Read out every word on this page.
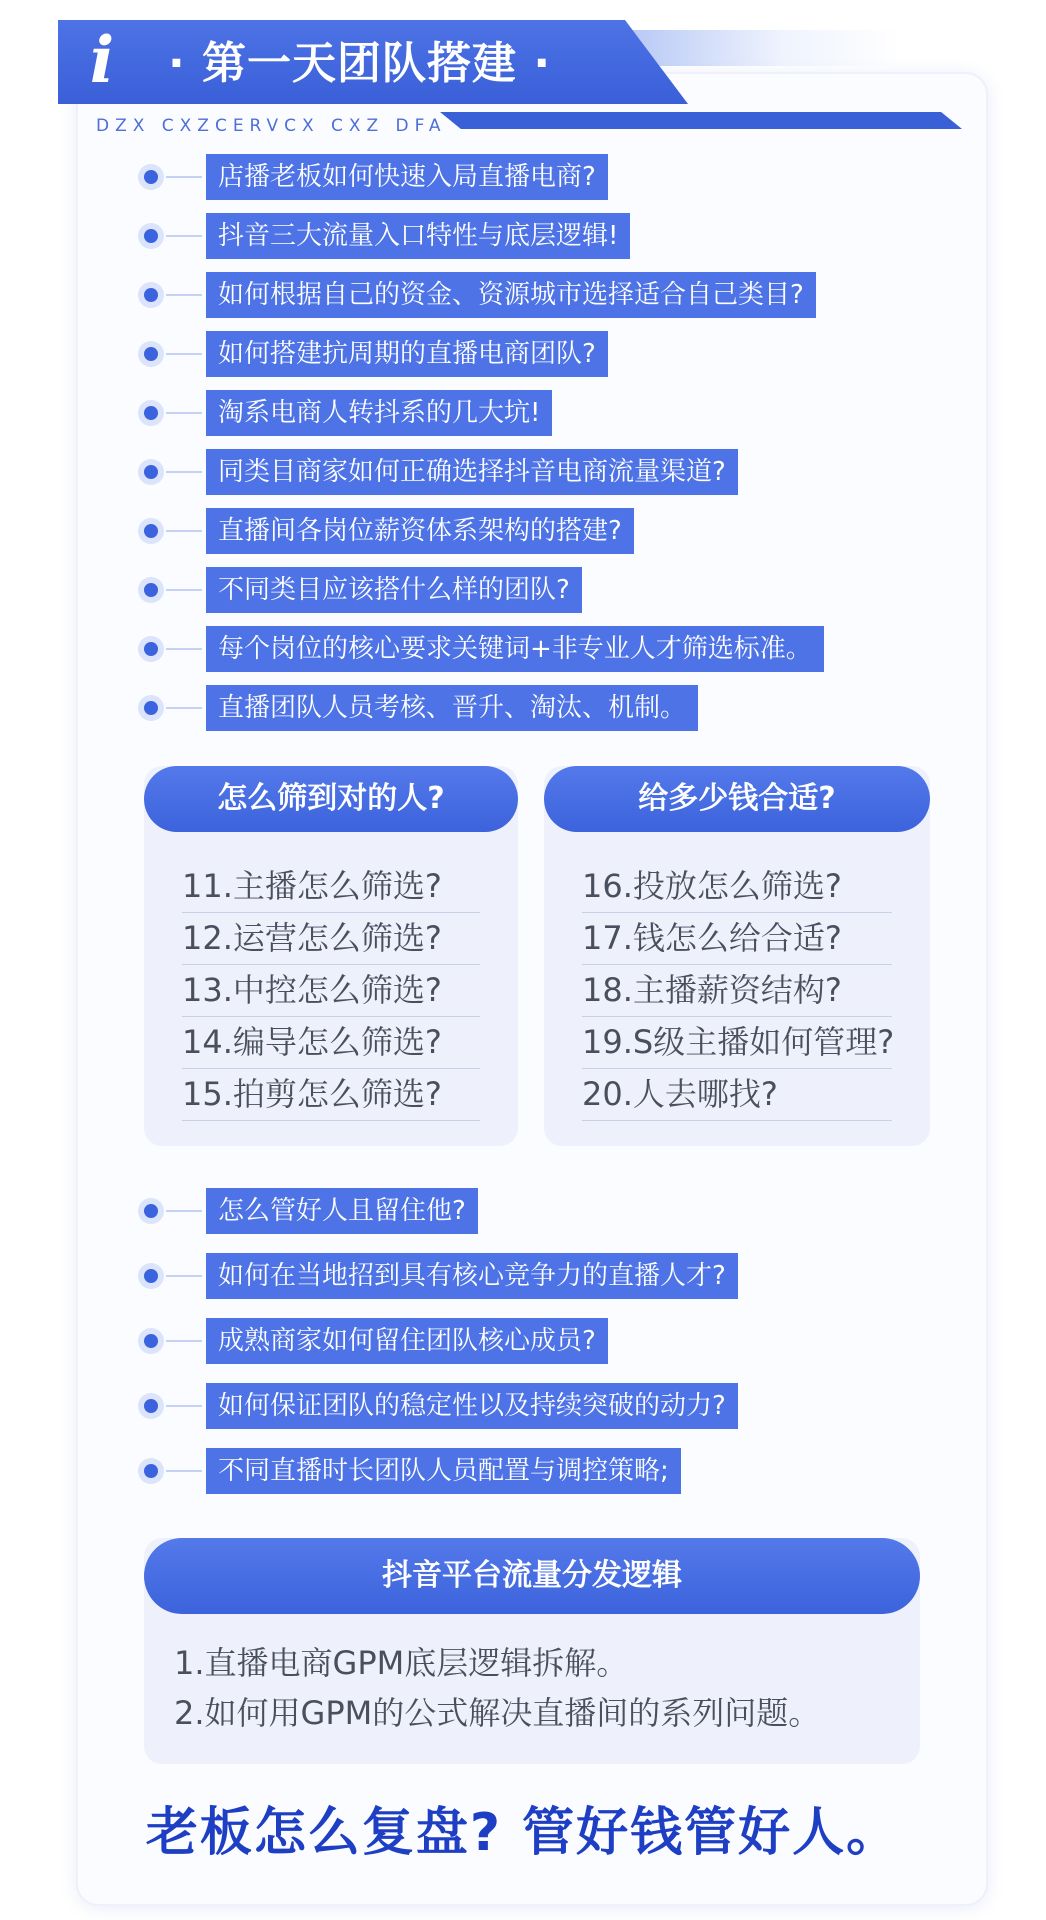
i · 第一天团队搭建 ·
DZX CXZCERVCX CXZ DFA
店播老板如何快速入局直播电商?
抖音三大流量入口特性与底层逻辑!
如何根据自己的资金、资源城市选择适合自己类目?
如何搭建抗周期的直播电商团队?
淘系电商人转抖系的几大坑!
同类目商家如何正确选择抖音电商流量渠道?
直播间各岗位薪资体系架构的搭建?
不同类目应该搭什么样的团队?
每个岗位的核心要求关键词+非专业人才筛选标准。
直播团队人员考核、晋升、淘汰、机制。
怎么筛到对的人?
11.主播怎么筛选?
12.运营怎么筛选?
13.中控怎么筛选?
14.编导怎么筛选?
15.拍剪怎么筛选?
给多少钱合适?
16.投放怎么筛选?
17.钱怎么给合适?
18.主播薪资结构?
19.S级主播如何管理?
20.人去哪找?
怎么管好人且留住他?
如何在当地招到具有核心竞争力的直播人才?
成熟商家如何留住团队核心成员?
如何保证团队的稳定性以及持续突破的动力?
不同直播时长团队人员配置与调控策略;
抖音平台流量分发逻辑
1.直播电商GPM底层逻辑拆解。
2.如何用GPM的公式解决直播间的系列问题。
老板怎么复盘? 管好钱管好人。
